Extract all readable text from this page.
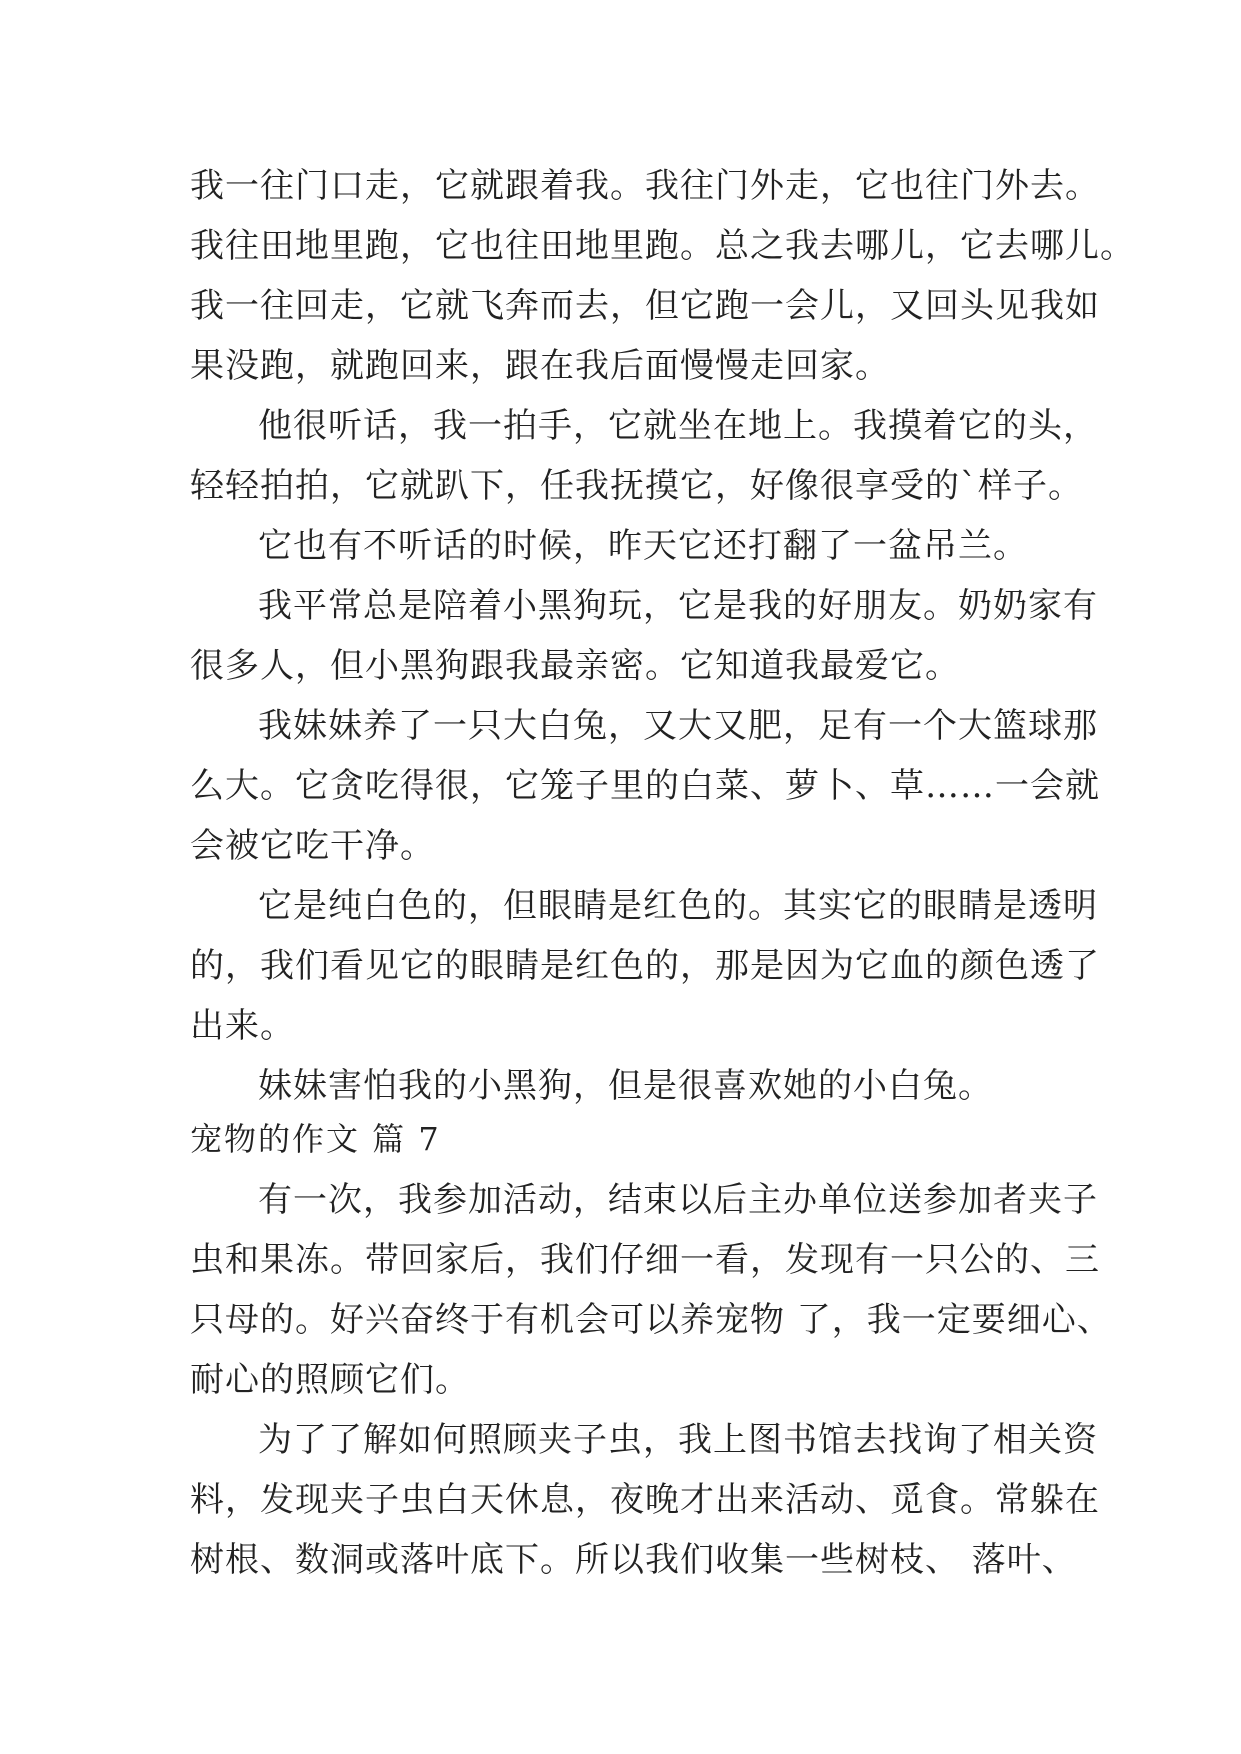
我一往门口走，它就跟着我。我往门外走，它也往门外去。
我往田地里跑，它也往田地里跑。总之我去哪儿，它去哪儿。
我一往回走，它就飞奔而去，但它跑一会儿，又回头见我如
果没跑，就跑回来，跟在我后面慢慢走回家。
他很听话，我一拍手，它就坐在地上。我摸着它的头，
轻轻拍拍，它就趴下，任我抚摸它，好像很享受的`样子。
它也有不听话的时候，昨天它还打翻了一盆吊兰。
我平常总是陪着小黑狗玩，它是我的好朋友。奶奶家有
很多人，但小黑狗跟我最亲密。它知道我最爱它。
我妹妹养了一只大白兔，又大又肥，足有一个大篮球那
么大。它贪吃得很，它笼子里的白菜、萝卜、草……一会就
会被它吃干净。
它是纯白色的，但眼睛是红色的。其实它的眼睛是透明
的，我们看见它的眼睛是红色的，那是因为它血的颜色透了
出来。
妹妹害怕我的小黑狗，但是很喜欢她的小白兔。
宠物的作文 篇 7
有一次，我参加活动，结束以后主办单位送参加者夹子
虫和果冻。带回家后，我们仔细一看，发现有一只公的、三
只母的。好兴奋终于有机会可以养宠物 了，我一定要细心、
耐心的照顾它们。
为了了解如何照顾夹子虫，我上图书馆去找询了相关资
料，发现夹子虫白天休息，夜晚才出来活动、觅食。常躲在
树根、数洞或落叶底下。所以我们收集一些树枝、 落叶、
